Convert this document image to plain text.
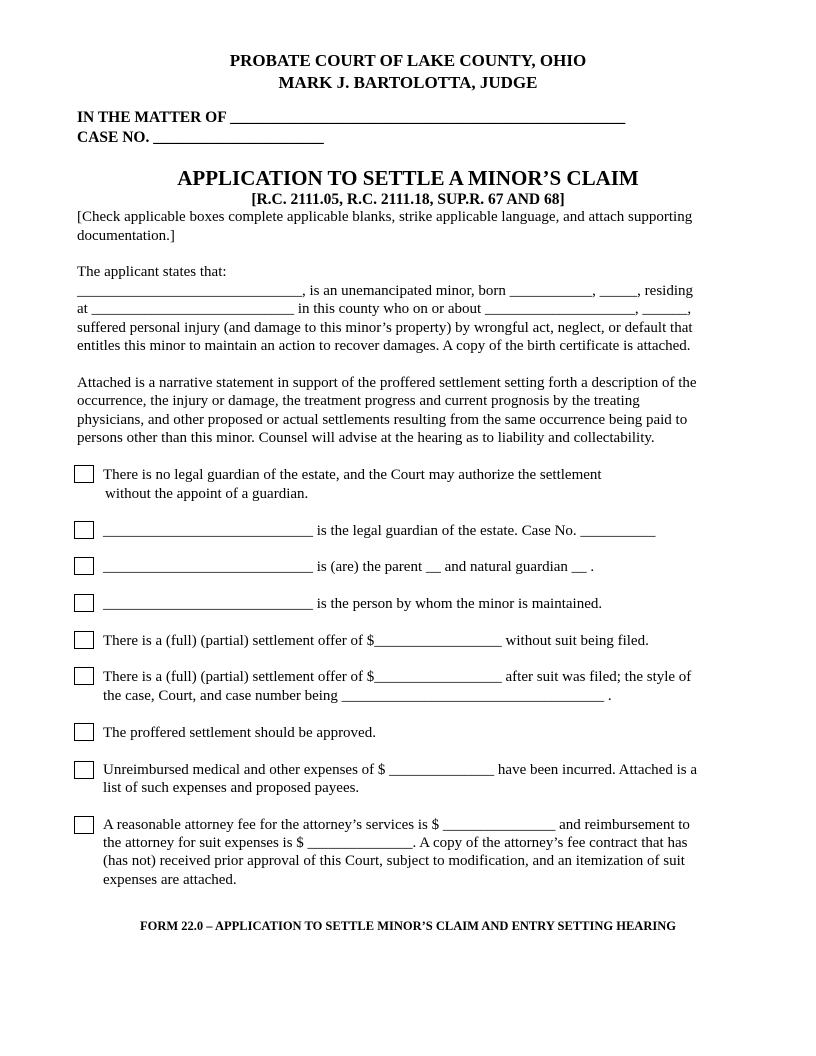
PROBATE COURT OF LAKE COUNTY, OHIO
MARK J. BARTOLOTTA, JUDGE
IN THE MATTER OF ___________________________________________________
CASE NO. ______________________
APPLICATION TO SETTLE A MINOR’S CLAIM
[R.C. 2111.05, R.C. 2111.18, SUP.R. 67 AND 68]
[Check applicable boxes complete applicable blanks, strike applicable language, and attach supporting
documentation.]
The applicant states that:
______________________________, is an unemancipated minor, born ___________, _____, residing
at ___________________________ in this county who on or about ____________________, ______,
suffered personal injury (and damage to this minor’s property) by wrongful act, neglect, or default that
entitles this minor to maintain an action to recover damages. A copy of the birth certificate is attached.
Attached is a narrative statement in support of the proffered settlement setting forth a description of the
occurrence, the injury or damage, the treatment progress and current prognosis by the treating
physicians, and other proposed or actual settlements resulting from the same occurrence being paid to
persons other than this minor. Counsel will advise at the hearing as to liability and collectability.
There is no legal guardian of the estate, and the Court may authorize the settlement
without the appoint of a guardian.
____________________________ is the legal guardian of the estate. Case No. __________
____________________________ is (are) the parent __ and natural guardian __ .
____________________________ is the person by whom the minor is maintained.
There is a (full) (partial) settlement offer of $_________________ without suit being filed.
There is a (full) (partial) settlement offer of $_________________ after suit was filed; the style of
the case, Court, and case number being ___________________________________ .
The proffered settlement should be approved.
Unreimbursed medical and other expenses of $ ______________ have been incurred. Attached is a
list of such expenses and proposed payees.
A reasonable attorney fee for the attorney’s services is $ _______________ and reimbursement to
the attorney for suit expenses is $ ______________. A copy of the attorney’s fee contract that has
(has not) received prior approval of this Court, subject to modification, and an itemization of suit
expenses are attached.
FORM 22.0 – APPLICATION TO SETTLE MINOR’S CLAIM AND ENTRY SETTING HEARING
